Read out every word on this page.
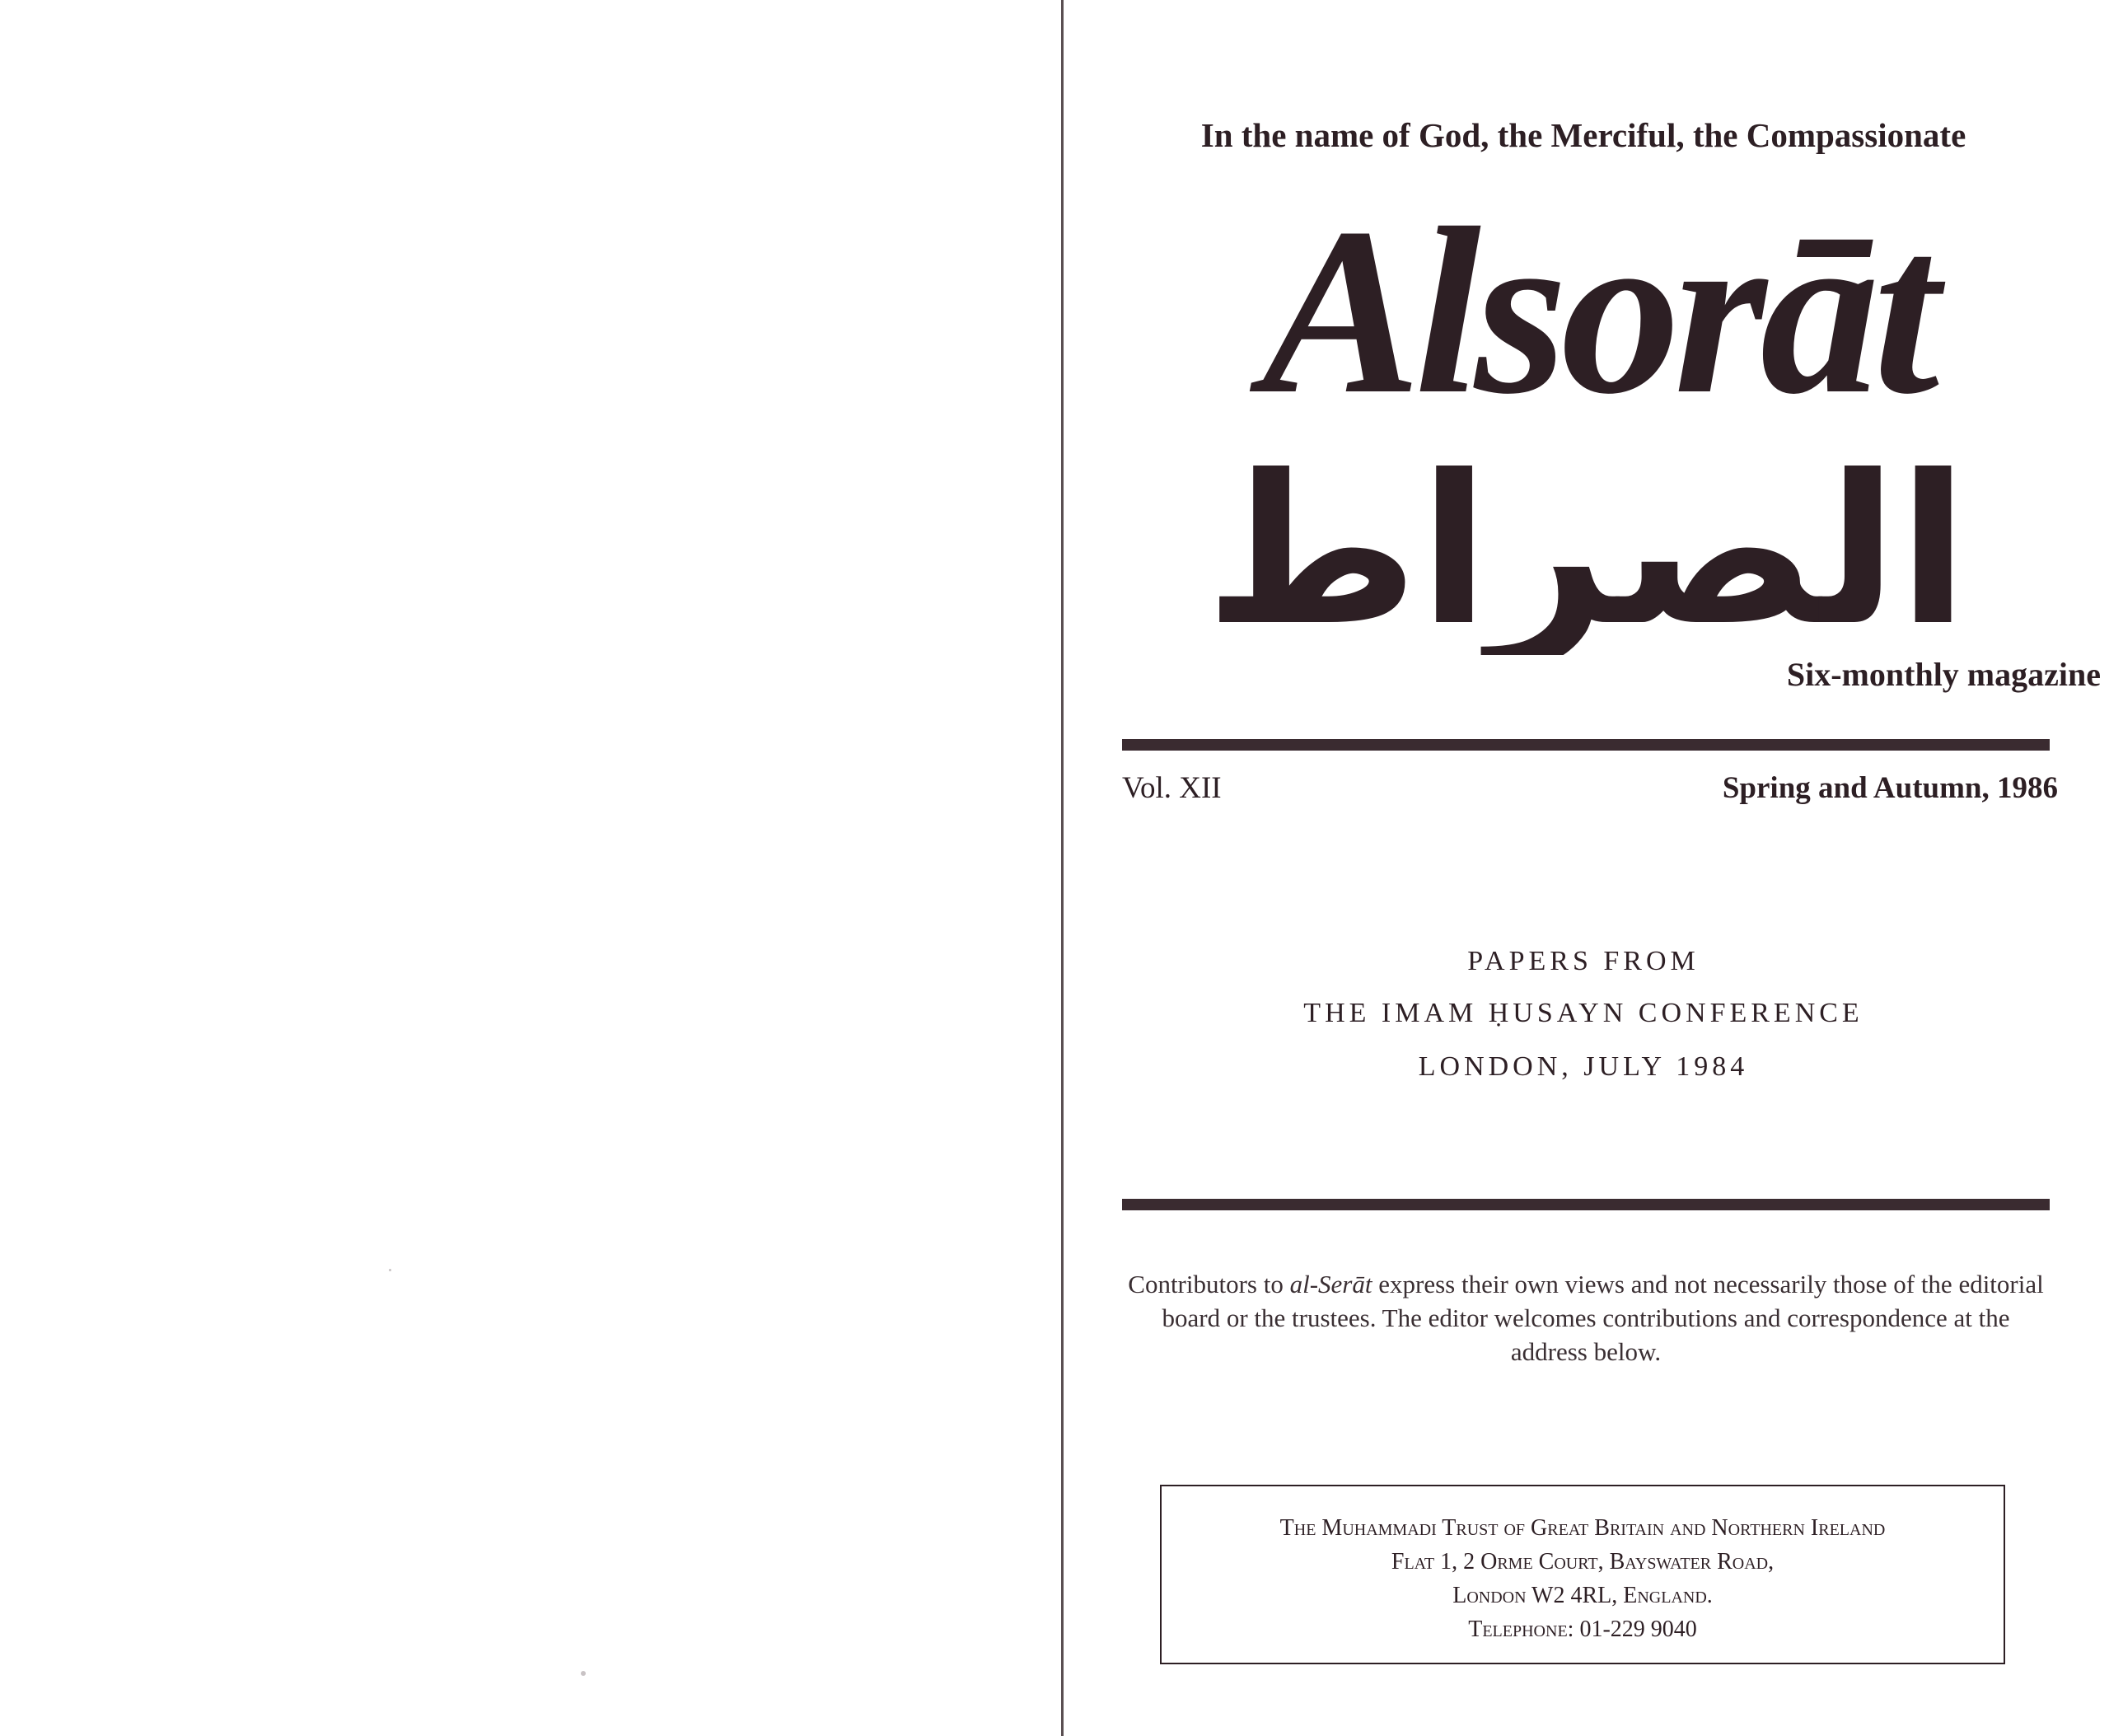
In the name of God, the Merciful, the Compassionate
Alsorāt
الصراط
Six-monthly magazine
Vol. XII	Spring and Autumn, 1986
PAPERS FROM
THE IMAM ḤUSAYN CONFERENCE
LONDON, JULY 1984
Contributors to al-Serāt express their own views and not necessarily those of the editorial board or the trustees. The editor welcomes contributions and correspondence at the address below.
The Muhammadi Trust of Great Britain and Northern Ireland
Flat 1, 2 Orme Court, Bayswater Road,
London W2 4RL, England.
Telephone: 01-229 9040
